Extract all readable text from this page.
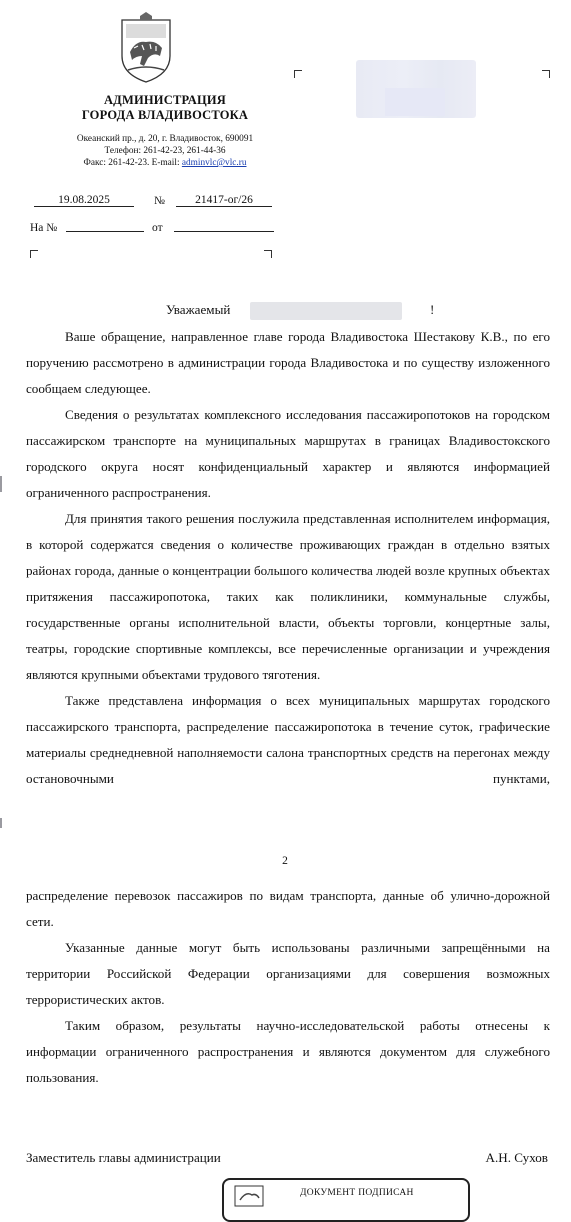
АДМИНИСТРАЦИЯ
ГОРОДА ВЛАДИВОСТОКА
Океанский пр., д. 20, г. Владивосток, 690091
Телефон: 261-42-23, 261-44-36
Факс: 261-42-23. E-mail: adminvlc@vlc.ru
19.08.2025	№	21417-ог/26
На №	от
Уважаемый	!

Ваше обращение, направленное главе города Владивостока Шестакову К.В., по его поручению рассмотрено в администрации города Владивостока и по существу изложенного сообщаем следующее.

Сведения о результатах комплексного исследования пассажиропотоков на городском пассажирском транспорте на муниципальных маршрутах в границах Владивостокского городского округа носят конфиденциальный характер и являются информацией ограниченного распространения.

Для принятия такого решения послужила представленная исполнителем информация, в которой содержатся сведения о количестве проживающих граждан в отдельно взятых районах города, данные о концентрации большого количества людей возле крупных объектах притяжения пассажиропотока, таких как поликлиники, коммунальные службы, государственные органы исполнительной власти, объекты торговли, концертные залы, театры, городские спортивные комплексы, все перечисленные организации и учреждения являются крупными объектами трудового тяготения.

Также представлена информация о всех муниципальных маршрутах городского пассажирского транспорта, распределение пассажиропотока в течение суток, графические материалы среднедневной наполняемости салона транспортных средств на перегонах между остановочными пунктами,

2

распределение перевозок пассажиров по видам транспорта, данные об улично-дорожной сети.

Указанные данные могут быть использованы различными запрещёнными на территории Российской Федерации организациями для совершения возможных террористических актов.

Таким образом, результаты научно-исследовательской работы отнесены к информации ограниченного распространения и являются документом для служебного пользования.

Заместитель главы администрации	А.Н. Сухов
ДОКУМЕНТ ПОДПИСАН
